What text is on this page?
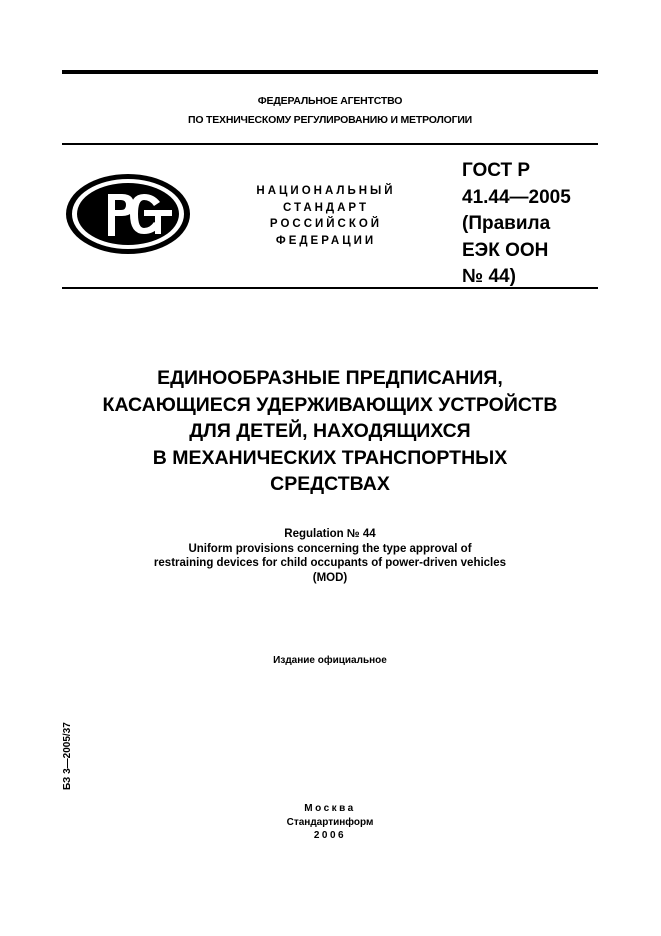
ФЕДЕРАЛЬНОЕ АГЕНТСТВО
ПО ТЕХНИЧЕСКОМУ РЕГУЛИРОВАНИЮ И МЕТРОЛОГИИ
НАЦИОНАЛЬНЫЙ
СТАНДАРТ
РОССИЙСКОЙ
ФЕДЕРАЦИИ
ГОСТ Р
41.44—2005
(Правила
ЕЭК ООН
№ 44)
ЕДИНООБРАЗНЫЕ ПРЕДПИСАНИЯ,
КАСАЮЩИЕСЯ УДЕРЖИВАЮЩИХ УСТРОЙСТВ
ДЛЯ ДЕТЕЙ, НАХОДЯЩИХСЯ
В МЕХАНИЧЕСКИХ ТРАНСПОРТНЫХ
СРЕДСТВАХ
Regulation № 44
Uniform provisions concerning the type approval of
restraining devices for child occupants of power-driven vehicles
(MOD)
Издание официальное
БЗ 3—2005/37
Москва
Стандартинформ
2006
